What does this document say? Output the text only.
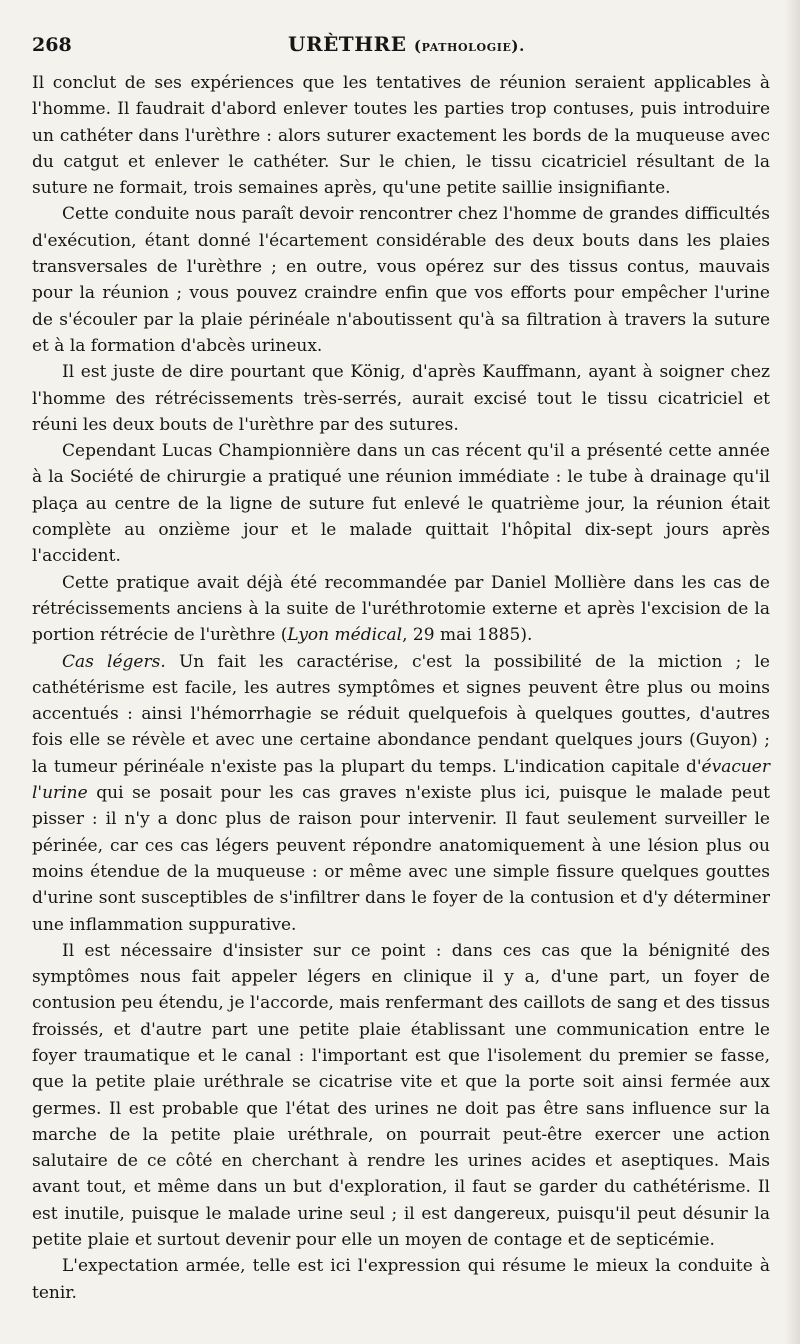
268	URÈTHRE (pathologie).

Il conclut de ses expériences que les tentatives de réunion seraient applicables à l'homme. Il faudrait d'abord enlever toutes les parties trop contuses, puis introduire un cathéter dans l'urèthre : alors suturer exactement les bords de la muqueuse avec du catgut et enlever le cathéter. Sur le chien, le tissu cicatriciel résultant de la suture ne formait, trois semaines après, qu'une petite saillie insignifiante.

Cette conduite nous paraît devoir rencontrer chez l'homme de grandes difficultés d'exécution, étant donné l'écartement considérable des deux bouts dans les plaies transversales de l'urèthre ; en outre, vous opérez sur des tissus contus, mauvais pour la réunion ; vous pouvez craindre enfin que vos efforts pour empêcher l'urine de s'écouler par la plaie périnéale n'aboutissent qu'à sa filtration à travers la suture et à la formation d'abcès urineux.

Il est juste de dire pourtant que König, d'après Kauffmann, ayant à soigner chez l'homme des rétrécissements très-serrés, aurait excisé tout le tissu cicatriciel et réuni les deux bouts de l'urèthre par des sutures.

Cependant Lucas Championnière dans un cas récent qu'il a présenté cette année à la Société de chirurgie a pratiqué une réunion immédiate : le tube à drainage qu'il plaça au centre de la ligne de suture fut enlevé le quatrième jour, la réunion était complète au onzième jour et le malade quittait l'hôpital dix-sept jours après l'accident.

Cette pratique avait déjà été recommandée par Daniel Mollière dans les cas de rétrécissements anciens à la suite de l'uréthrotomie externe et après l'excision de la portion rétrécie de l'urèthre (Lyon médical, 29 mai 1885).

Cas légers. Un fait les caractérise, c'est la possibilité de la miction ; le cathétérisme est facile, les autres symptômes et signes peuvent être plus ou moins accentués : ainsi l'hémorrhagie se réduit quelquefois à quelques gouttes, d'autres fois elle se révèle et avec une certaine abondance pendant quelques jours (Guyon) ; la tumeur périnéale n'existe pas la plupart du temps. L'indication capitale d'évacuer l'urine qui se posait pour les cas graves n'existe plus ici, puisque le malade peut pisser : il n'y a donc plus de raison pour intervenir. Il faut seulement surveiller le périnée, car ces cas légers peuvent répondre anatomiquement à une lésion plus ou moins étendue de la muqueuse : or même avec une simple fissure quelques gouttes d'urine sont susceptibles de s'infiltrer dans le foyer de la contusion et d'y déterminer une inflammation suppurative.

Il est nécessaire d'insister sur ce point : dans ces cas que la bénignité des symptômes nous fait appeler légers en clinique il y a, d'une part, un foyer de contusion peu étendu, je l'accorde, mais renfermant des caillots de sang et des tissus froissés, et d'autre part une petite plaie établissant une communication entre le foyer traumatique et le canal : l'important est que l'isolement du premier se fasse, que la petite plaie uréthrale se cicatrise vite et que la porte soit ainsi fermée aux germes. Il est probable que l'état des urines ne doit pas être sans influence sur la marche de la petite plaie uréthrale, on pourrait peut-être exercer une action salutaire de ce côté en cherchant à rendre les urines acides et aseptiques. Mais avant tout, et même dans un but d'exploration, il faut se garder du cathétérisme. Il est inutile, puisque le malade urine seul ; il est dangereux, puisqu'il peut désunir la petite plaie et surtout devenir pour elle un moyen de contage et de septicémie.

L'expectation armée, telle est ici l'expression qui résume le mieux la conduite à tenir.
